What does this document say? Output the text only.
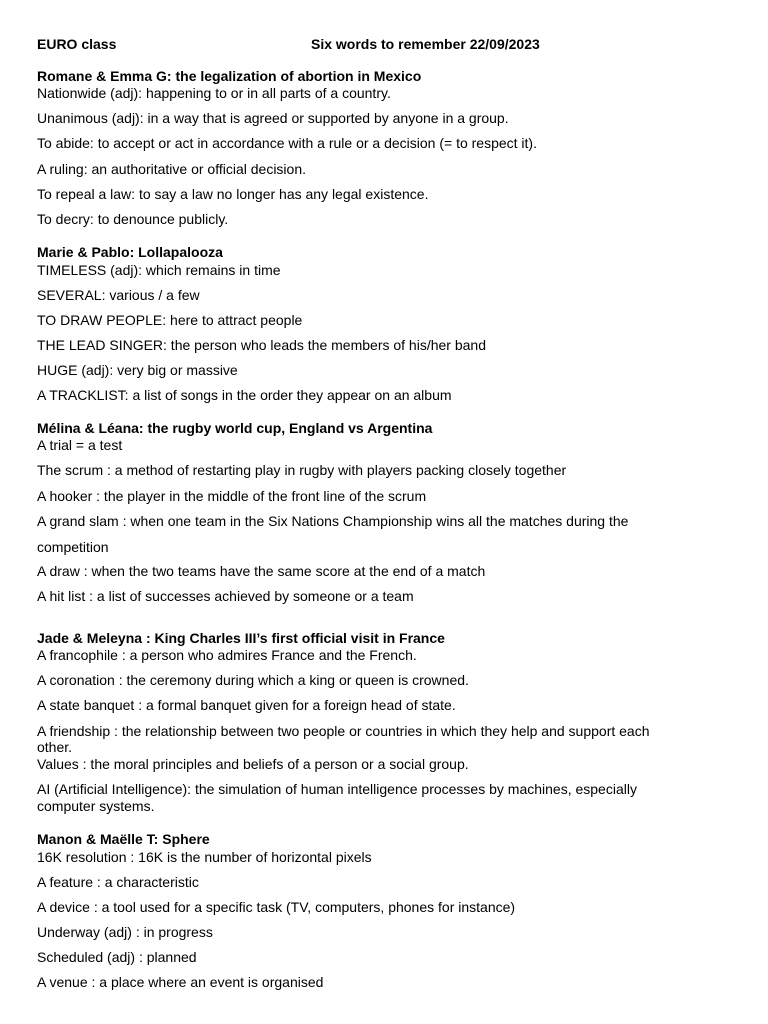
EURO class	Six words to remember 22/09/2023
Romane & Emma G: the legalization of abortion in Mexico
Nationwide (adj): happening to or in all parts of a country.
Unanimous (adj): in a way that is agreed or supported by anyone in a group.
To abide: to accept or act in accordance with a rule or a decision (= to respect it).
A ruling: an authoritative or official decision.
To repeal a law: to say a law no longer has any legal existence.
To decry: to denounce publicly.
Marie & Pablo: Lollapalooza
TIMELESS (adj): which remains in time
SEVERAL: various / a few
TO DRAW PEOPLE: here to attract people
THE LEAD SINGER: the person who leads the members of his/her band
HUGE (adj): very big or massive
A TRACKLIST: a list of songs in the order they appear on an album
Mélina & Léana: the rugby world cup, England vs Argentina
A trial = a test
The scrum : a method of restarting play in rugby with players packing closely together
A hooker : the player in the middle of the front line of the scrum
A grand slam : when one team in the Six Nations Championship wins all the matches during the
competition
A draw : when the two teams have the same score at the end of a match
A hit list : a list of successes achieved by someone or a team
Jade & Meleyna : King Charles III’s first official visit in France
A francophile : a person who admires France and the French.
A coronation : the ceremony during which a king or queen is crowned.
A state banquet : a formal banquet given for a foreign head of state.
A friendship : the relationship between two people or countries in which they help and support each
other.
Values : the moral principles and beliefs of a person or a social group.
AI (Artificial Intelligence): the simulation of human intelligence processes by machines, especially
computer systems.
Manon & Maëlle T: Sphere
16K resolution : 16K is the number of horizontal pixels
A feature : a characteristic
A device : a tool used for a specific task (TV, computers, phones for instance)
Underway (adj) : in progress
Scheduled (adj) : planned
A venue : a place where an event is organised
